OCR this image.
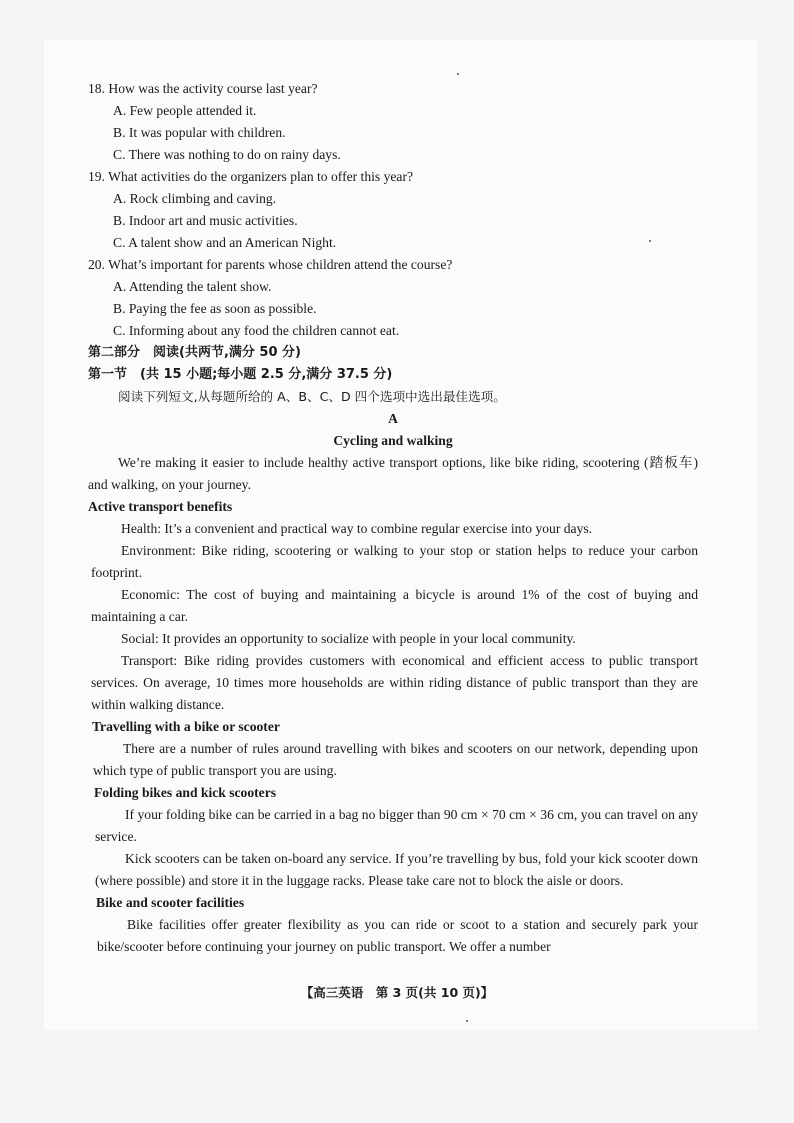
18. How was the activity course last year?
A. Few people attended it.
B. It was popular with children.
C. There was nothing to do on rainy days.
19. What activities do the organizers plan to offer this year?
A. Rock climbing and caving.
B. Indoor art and music activities.
C. A talent show and an American Night.
20. What’s important for parents whose children attend the course?
A. Attending the talent show.
B. Paying the fee as soon as possible.
C. Informing about any food the children cannot eat.
第二部分　阅读(共两节,满分 50 分)
第一节　(共 15 小题;每小题 2.5 分,满分 37.5 分)
阅读下列短文,从每题所给的 A、B、C、D 四个选项中选出最佳选项。
A
Cycling and walking
We’re making it easier to include healthy active transport options, like bike riding, scootering (踏板车) and walking, on your journey.
Active transport benefits
Health: It’s a convenient and practical way to combine regular exercise into your days.
Environment: Bike riding, scootering or walking to your stop or station helps to reduce your carbon footprint.
Economic: The cost of buying and maintaining a bicycle is around 1% of the cost of buying and maintaining a car.
Social: It provides an opportunity to socialize with people in your local community.
Transport: Bike riding provides customers with economical and efficient access to public transport services. On average, 10 times more households are within riding distance of public transport than they are within walking distance.
Travelling with a bike or scooter
There are a number of rules around travelling with bikes and scooters on our network, depending upon which type of public transport you are using.
Folding bikes and kick scooters
If your folding bike can be carried in a bag no bigger than 90 cm × 70 cm × 36 cm, you can travel on any service.
Kick scooters can be taken on-board any service. If you’re travelling by bus, fold your kick scooter down (where possible) and store it in the luggage racks. Please take care not to block the aisle or doors.
Bike and scooter facilities
Bike facilities offer greater flexibility as you can ride or scoot to a station and securely park your bike/scooter before continuing your journey on public transport. We offer a number
【高三英语　第 3 页(共 10 页)】
